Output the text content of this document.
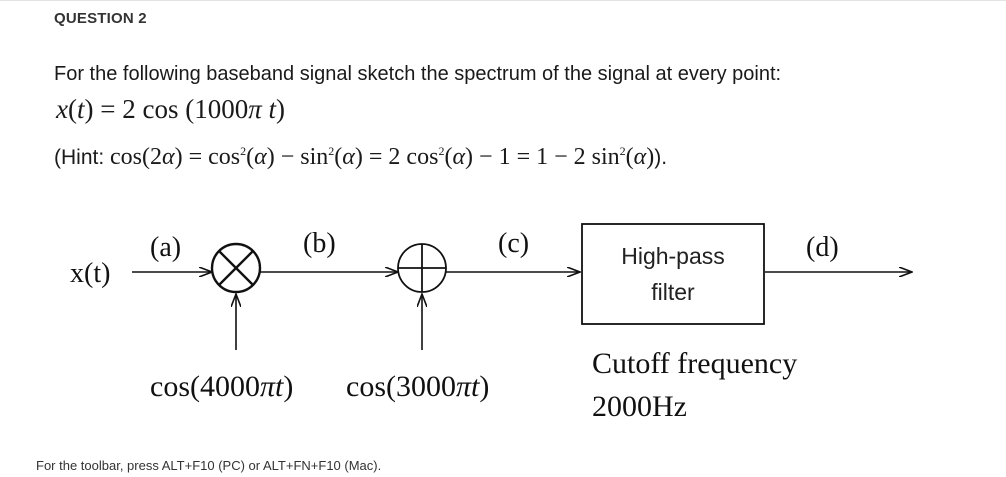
QUESTION 2
For the following baseband signal sketch the spectrum of the signal at every point:
x(t) = 2 cos (1000π t)
(Hint: $\cos(2\alpha) = \cos^2(\alpha) - \sin^2(\alpha) = 2$ $\cos^2(\alpha) - 1 = 1 - 2$ $\sin^2(\alpha)$).
x(t)
(a)	(b)	(c)	(d)
High-pass
filter
cos(4000πt) cos(3000πt)
Cutoff frequency
2000Hz
For the toolbar, press ALT+F10 (PC) or ALT+FN+F10 (Mac).
